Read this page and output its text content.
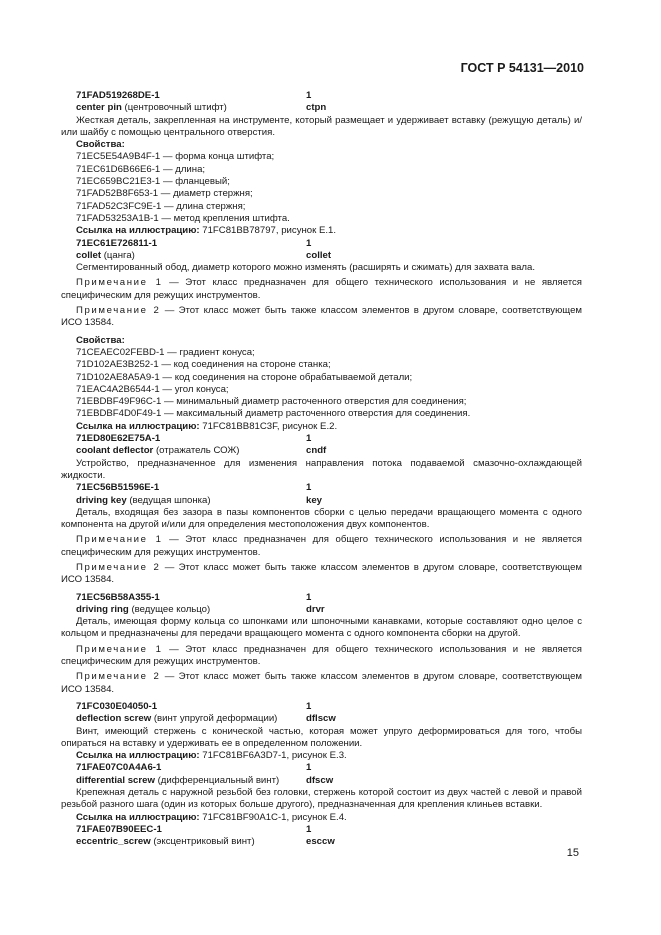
ГОСТ Р 54131—2010
71FAD519268DE-1	1
center pin (центровочный штифт)	ctpn
Жесткая деталь, закрепленная на инструменте, который размещает и удерживает вставку (режущую деталь) и/или шайбу с помощью центрального отверстия.
Свойства:
71EC5E54A9B4F-1 — форма конца штифта;
71EC61D6B66E6-1 — длина;
71EC659BC21E3-1 — фланцевый;
71FAD52B8F653-1 — диаметр стержня;
71FAD52C3FC9E-1 — длина стержня;
71FAD53253A1B-1 — метод крепления штифта.
Ссылка на иллюстрацию: 71FC81BB78797, рисунок Е.1.
71EC61E726811-1	1
collet (цанга)	collet
Сегментированный обод, диаметр которого можно изменять (расширять и сжимать) для захвата вала.
Примечание 1 — Этот класс предназначен для общего технического использования и не является специфическим для режущих инструментов.
Примечание 2 — Этот класс может быть также классом элементов в другом словаре, соответствующем ИСО 13584.
Свойства:
71CEAEC02FEBD-1 — градиент конуса;
71D102AE3B252-1 — код соединения на стороне станка;
71D102AE8A5A9-1 — код соединения на стороне обрабатываемой детали;
71EAC4A2B6544-1 — угол конуса;
71EBDBF49F96C-1 — минимальный диаметр расточенного отверстия для соединения;
71EBDBF4D0F49-1 — максимальный диаметр расточенного отверстия для соединения.
Ссылка на иллюстрацию: 71FC81BB81C3F, рисунок Е.2.
71ED80E62E75A-1	1
coolant deflector (отражатель СОЖ)	cndf
Устройство, предназначенное для изменения направления потока подаваемой смазочно-охлаждающей жидкости.
71EC56B51596E-1	1
driving key (ведущая шпонка)	key
Деталь, входящая без зазора в пазы компонентов сборки с целью передачи вращающего момента с одного компонента на другой и/или для определения местоположения двух компонентов.
Примечание 1 — Этот класс предназначен для общего технического использования и не является специфическим для режущих инструментов.
Примечание 2 — Этот класс может быть также классом элементов в другом словаре, соответствующем ИСО 13584.
71EC56B58A355-1	1
driving ring (ведущее кольцо)	drvr
Деталь, имеющая форму кольца со шпонками или шпоночными канавками, которые составляют одно целое с кольцом и предназначены для передачи вращающего момента с одного компонента сборки на другой.
Примечание 1 — Этот класс предназначен для общего технического использования и не является специфическим для режущих инструментов.
Примечание 2 — Этот класс может быть также классом элементов в другом словаре, соответствующем ИСО 13584.
71FC030E04050-1	1
deflection screw (винт упругой деформации)	dflscw
Винт, имеющий стержень с конической частью, которая может упруго деформироваться для того, чтобы опираться на вставку и удерживать ее в определенном положении.
Ссылка на иллюстрацию: 71FC81BF6A3D7-1, рисунок Е.3.
71FAE07C0A4A6-1	1
differential screw (дифференциальный винт)	dfscw
Крепежная деталь с наружной резьбой без головки, стержень которой состоит из двух частей с левой и правой резьбой разного шага (один из которых больше другого), предназначенная для крепления клиньев вставки.
Ссылка на иллюстрацию: 71FC81BF90A1C-1, рисунок Е.4.
71FAE07B90EEC-1	1
eccentric_screw (эксцентриковый винт)	esccw
15
